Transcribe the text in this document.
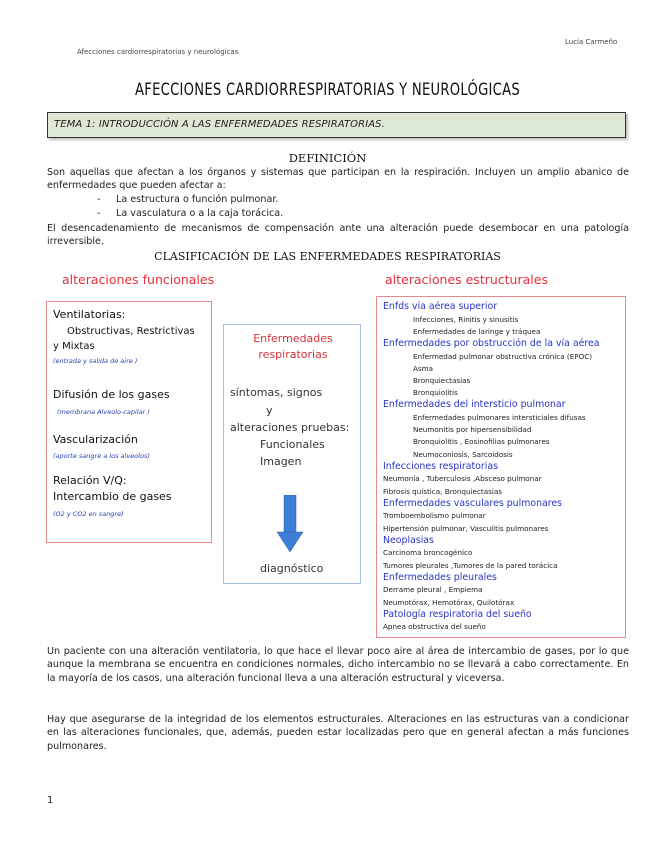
Afecciones cardiorrespiratorias y neurológicas
Lucía Carmeño
AFECCIONES CARDIORRESPIRATORIAS Y NEUROLÓGICAS
TEMA 1: INTRODUCCIÓN A LAS ENFERMEDADES RESPIRATORIAS.
DEFINICIÓN
Son aquellas que afectan a los órganos y sistemas que participan en la respiración. Incluyen un amplio abanico de enfermedades que pueden afectar a:
- La estructura o función pulmonar.
- La vasculatura o a la caja torácica.
El desencadenamiento de mecanismos de compensación ante una alteración puede desembocar en una patología irreversible.
CLASIFICACIÓN DE LAS ENFERMEDADES RESPIRATORIAS
alteraciones funcionales	alteraciones estructurales
Ventilatorias:
Obstructivas, Restrictivas
y Mixtas
(entrada y salida de aire )
Difusión de los gases
(membrana Alveolo-capilar )
Vascularización
(aporte sangre a los alveolos)
Relación V/Q:
Intercambio de gases
(O2 y CO2 en sangre)
Enfermedades
respiratorias
síntomas, signos
y
alteraciones pruebas:
Funcionales
Imagen
diagnóstico
Enfds vía aérea superior
Infecciones, Rinitis y sinusitis
Enfermedades de laringe y tráquea
Enfermedades por obstrucción de la vía aérea
Enfermedad pulmonar obstructiva crónica (EPOC)
Asma
Bronquiectasias
Bronquiolitis
Enfermedades del intersticio pulmonar
Enfermedades pulmonares intersticiales difusas
Neumonitis por hipersensibilidad
Bronquiolitis , Eosinofilias pulmonares
Neumoconiosis, Sarcoidosis
Infecciones respiratorias
Neumonía , Tuberculosis ,Absceso pulmonar
Fibrosis quística, Bronquiectasias
Enfermedades vasculares pulmonares
Tromboembolismo pulmonar
Hipertensión pulmonar, Vasculitis pulmonares
Neoplasias
Carcinoma broncogénico
Tumores pleurales ,Tumores de la pared torácica
Enfermedades pleurales
Derrame pleural , Empiema
Neumotórax, Hemotórax, Quilotórax
Patología respiratoria del sueño
Apnea obstructiva del sueño
Un paciente con una alteración ventilatoria, lo que hace el llevar poco aire al área de intercambio de gases, por lo que aunque la membrana se encuentra en condiciones normales, dicho intercambio no se llevará a cabo correctamente. En la mayoría de los casos, una alteración funcional lleva a una alteración estructural y viceversa.
Hay que asegurarse de la integridad de los elementos estructurales. Alteraciones en las estructuras van a condicionar en las alteraciones funcionales, que, además, pueden estar localizadas pero que en general afectan a más funciones pulmonares.
1
